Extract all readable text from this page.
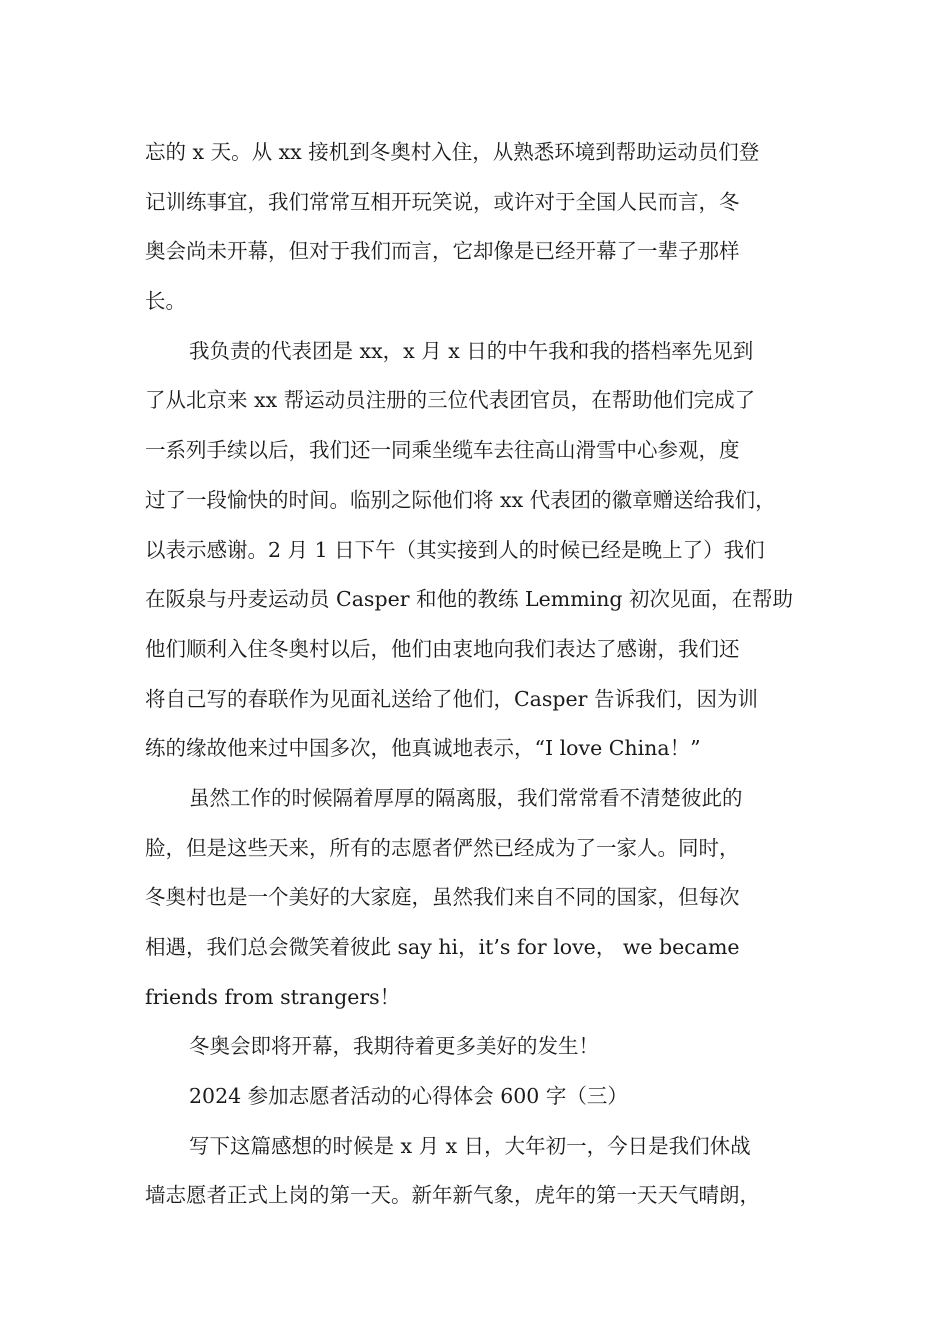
忘的 x 天。从 xx 接机到冬奥村入住，从熟悉环境到帮助运动员们登
记训练事宜，我们常常互相开玩笑说，或许对于全国人民而言，冬
奥会尚未开幕，但对于我们而言，它却像是已经开幕了一辈子那样
长。
我负责的代表团是 xx，x 月 x 日的中午我和我的搭档率先见到
了从北京来 xx 帮运动员注册的三位代表团官员，在帮助他们完成了
一系列手续以后，我们还一同乘坐缆车去往高山滑雪中心参观，度
过了一段愉快的时间。临别之际他们将 xx 代表团的徽章赠送给我们，
以表示感谢。2 月 1 日下午（其实接到人的时候已经是晚上了）我们
在阪泉与丹麦运动员 Casper 和他的教练 Lemming 初次见面，在帮助
他们顺利入住冬奥村以后，他们由衷地向我们表达了感谢，我们还
将自己写的春联作为见面礼送给了他们，Casper 告诉我们，因为训
练的缘故他来过中国多次，他真诚地表示，“I love China！”
虽然工作的时候隔着厚厚的隔离服，我们常常看不清楚彼此的
脸，但是这些天来，所有的志愿者俨然已经成为了一家人。同时，
冬奥村也是一个美好的大家庭，虽然我们来自不同的国家，但每次
相遇，我们总会微笑着彼此 say hi，it’s for love， we became
friends from strangers！
冬奥会即将开幕，我期待着更多美好的发生！
2024 参加志愿者活动的心得体会 600 字（三）
写下这篇感想的时候是 x 月 x 日，大年初一，今日是我们休战
墙志愿者正式上岗的第一天。新年新气象，虎年的第一天天气晴朗，
